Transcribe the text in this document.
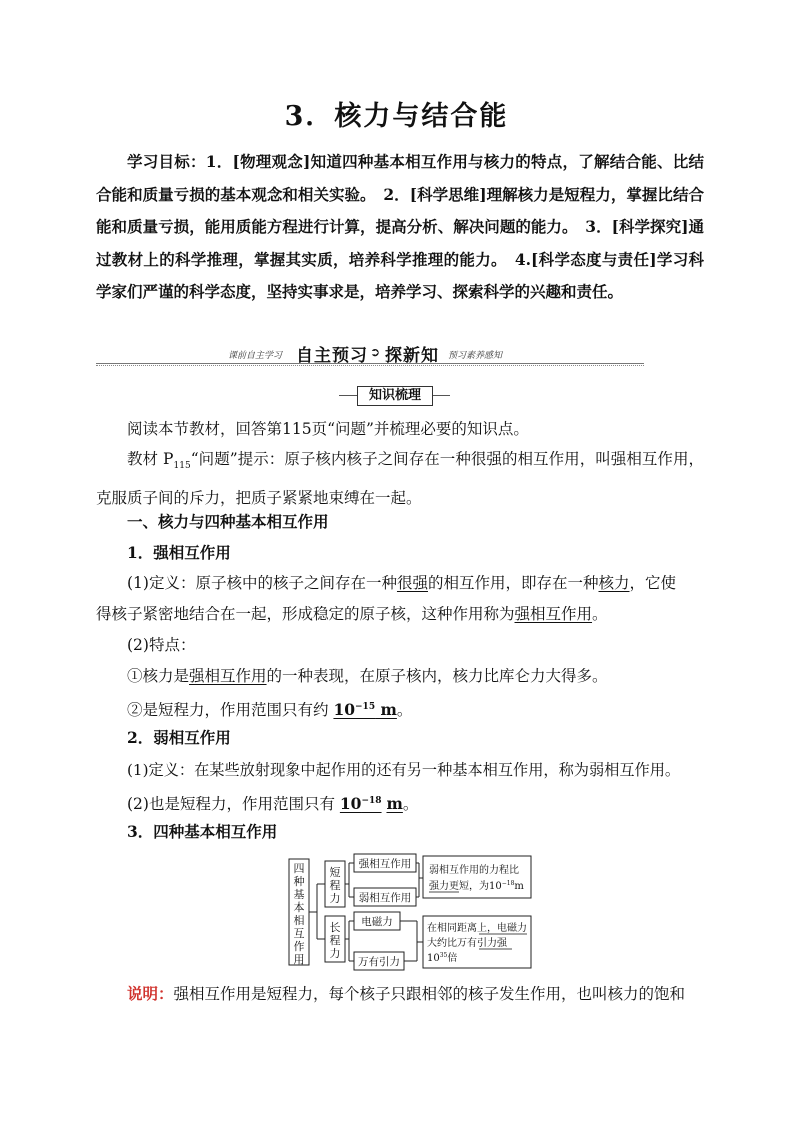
3．核力与结合能

学习目标：1．[物理观念]知道四种基本相互作用与核力的特点，了解结合能、比结合能和质量亏损的基本观念和相关实验。　2．[科学思维]理解核力是短程力，掌握比结合能和质量亏损，能用质能方程进行计算，提高分析、解决问题的能力。　3．[科学探究]通过教材上的科学推理，掌握其实质，培养科学推理的能力。　4.[科学态度与责任]学习科学家们严谨的科学态度，坚持实事求是，培养学习、探索科学的兴趣和责任。

课前自主学习 自主预习 ➲ 探新知 预习素养感知
知识梳理

阅读本节教材，回答第115页“问题”并梳理必要的知识点。

教材 $P_{115}“$问题”提示：原子核内核子之间存在一种很强的相互作用，叫强相互作用，克服质子间的斥力，把质子紧紧地束缚在一起。

一、核力与四种基本相互作用

1．强相互作用

(1)定义：原子核中的核子之间存在一种很强的相互作用，即存在一种核力，它使

得核子紧密地结合在一起，形成稳定的原子核，这种作用称为强相互作用。

(2)特点：

①核力是强相互作用的一种表现，在原子核内，核力比库仑力大得多。

②是短程力，作用范围只有约 $10^{-15}$ m。

2．弱相互作用

(1)定义：在某些放射现象中起作用的还有另一种基本相互作用，称为弱相互作用。

(2)也是短程力，作用范围只有 $10^{-18}$ m。

3．四种基本相互作用

四
种
基
本
相
互
作
用
短
程
力
长
程
力
强相互作用
弱相互作用
电磁力
万有引力
弱相互作用的力程比
强力更短，为$10^{-18}m$
在相同距离上，电磁力
大约比万有引力强
$10^{35}$倍

说明：强相互作用是短程力，每个核子只跟相邻的核子发生作用，也叫核力的饱和
